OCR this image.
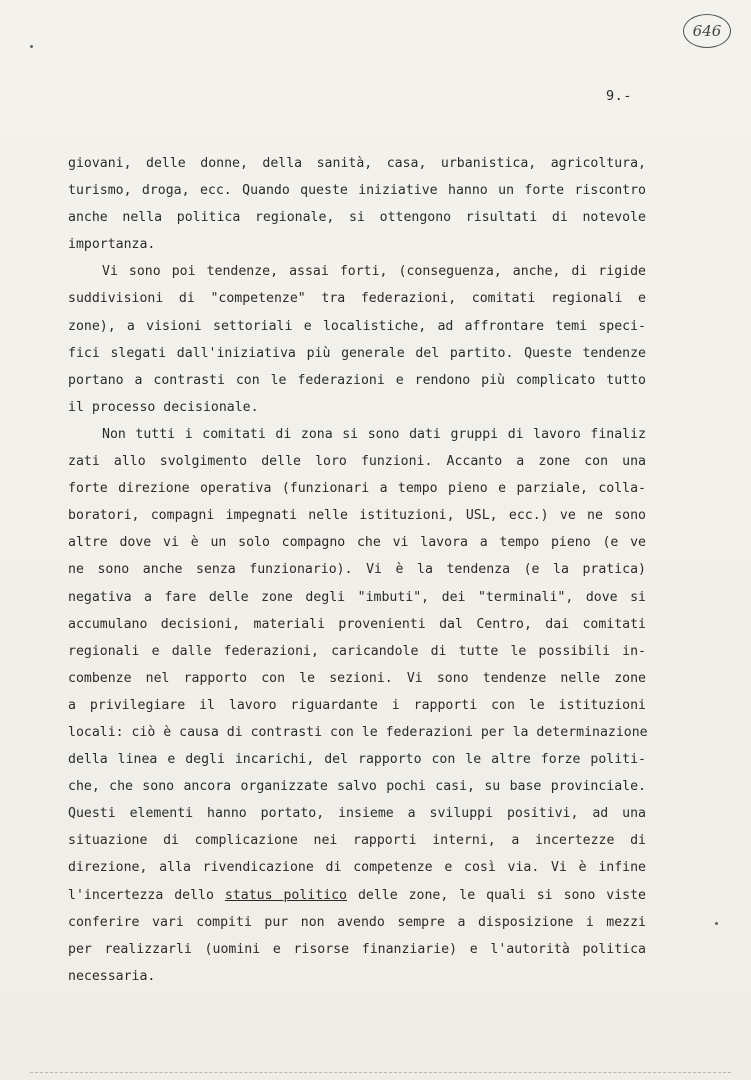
646
9.-
giovani, delle donne, della sanità, casa, urbanistica, agricoltura,
turismo, droga, ecc. Quando queste iniziative hanno un forte riscontro
anche nella politica regionale, si ottengono risultati di notevole
importanza.
Vi sono poi tendenze, assai forti, (conseguenza, anche, di rigide
suddivisioni di "competenze" tra federazioni, comitati regionali e
zone), a visioni settoriali e localistiche, ad affrontare temi speci-
fici slegati dall'iniziativa più generale del partito. Queste tendenze
portano a contrasti con le federazioni e rendono più complicato tutto
il processo decisionale.
Non tutti i comitati di zona si sono dati gruppi di lavoro finaliz
zati allo svolgimento delle loro funzioni. Accanto a zone con una
forte direzione operativa (funzionari a tempo pieno e parziale, colla-
boratori, compagni impegnati nelle istituzioni, USL, ecc.) ve ne sono
altre dove vi è un solo compagno che vi lavora a tempo pieno (e ve
ne sono anche senza funzionario). Vi è la tendenza (e la pratica)
negativa a fare delle zone degli "imbuti", dei "terminali", dove si
accumulano decisioni, materiali provenienti dal Centro, dai comitati
regionali e dalle federazioni, caricandole di tutte le possibili in-
combenze nel rapporto con le sezioni. Vi sono tendenze nelle zone
a privilegiare il lavoro riguardante i rapporti con le istituzioni
locali: ciò è causa di contrasti con le federazioni per la determinazione
della linea e degli incarichi, del rapporto con le altre forze politi-
che, che sono ancora organizzate salvo pochi casi, su base provinciale.
Questi elementi hanno portato, insieme a sviluppi positivi, ad una
situazione di complicazione nei rapporti interni, a incertezze di
direzione, alla rivendicazione di competenze e così via. Vi è infine
l'incertezza dello status politico delle zone, le quali si sono viste
conferire vari compiti pur non avendo sempre a disposizione i mezzi
per realizzarli (uomini e risorse finanziarie) e l'autorità politica
necessaria.
